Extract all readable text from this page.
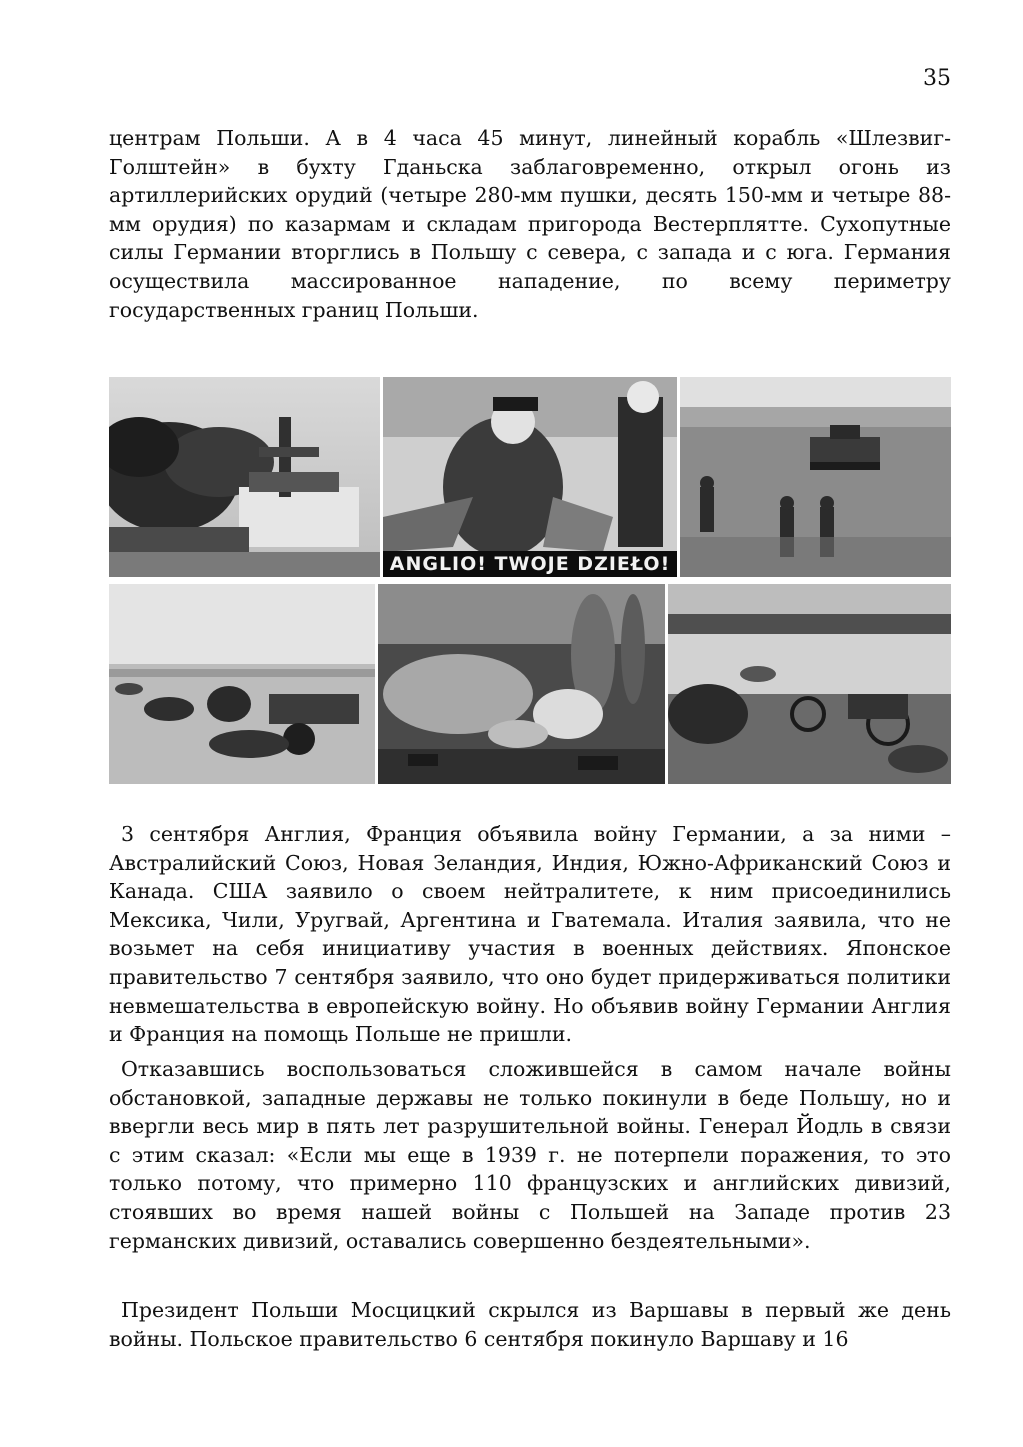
35

центрам Польши. А в 4 часа 45 минут, линейный корабль «Шлезвиг-Голштейн» в бухту Гданьска заблаговременно, открыл огонь из артиллерийских орудий (четыре 280-мм пушки, десять 150-мм и четыре 88-мм орудия) по казармам и складам пригорода Вестерплятте. Сухопутные силы Германии вторглись в Польшу с севера, с запада и с юга. Германия осуществила массированное нападение, по всему периметру государственных границ Польши.

ANGLIO! TWOJE DZIEŁO!

3 сентября Англия, Франция объявила войну Германии, а за ними – Австралийский Союз, Новая Зеландия, Индия, Южно-Африканский Союз и Канада. США заявило о своем нейтралитете, к ним присоединились Мексика, Чили, Уругвай, Аргентина и Гватемала. Италия заявила, что не возьмет на себя инициативу участия в военных действиях. Японское правительство 7 сентября заявило, что оно будет придерживаться политики невмешательства в европейскую войну. Но объявив войну Германии Англия и Франция на помощь Польше не пришли.

Отказавшись воспользоваться сложившейся в самом начале войны обстановкой, западные державы не только покинули в беде Польшу, но и ввергли весь мир в пять лет разрушительной войны. Генерал Йодль в связи с этим сказал: «Если мы еще в 1939 г. не потерпели поражения, то это только потому, что примерно 110 французских и английских дивизий, стоявших во время нашей войны с Польшей на Западе против 23 германских дивизий, оставались совершенно бездеятельными».

Президент Польши Мосцицкий скрылся из Варшавы в первый же день войны. Польское правительство 6 сентября покинуло Варшаву и 16
